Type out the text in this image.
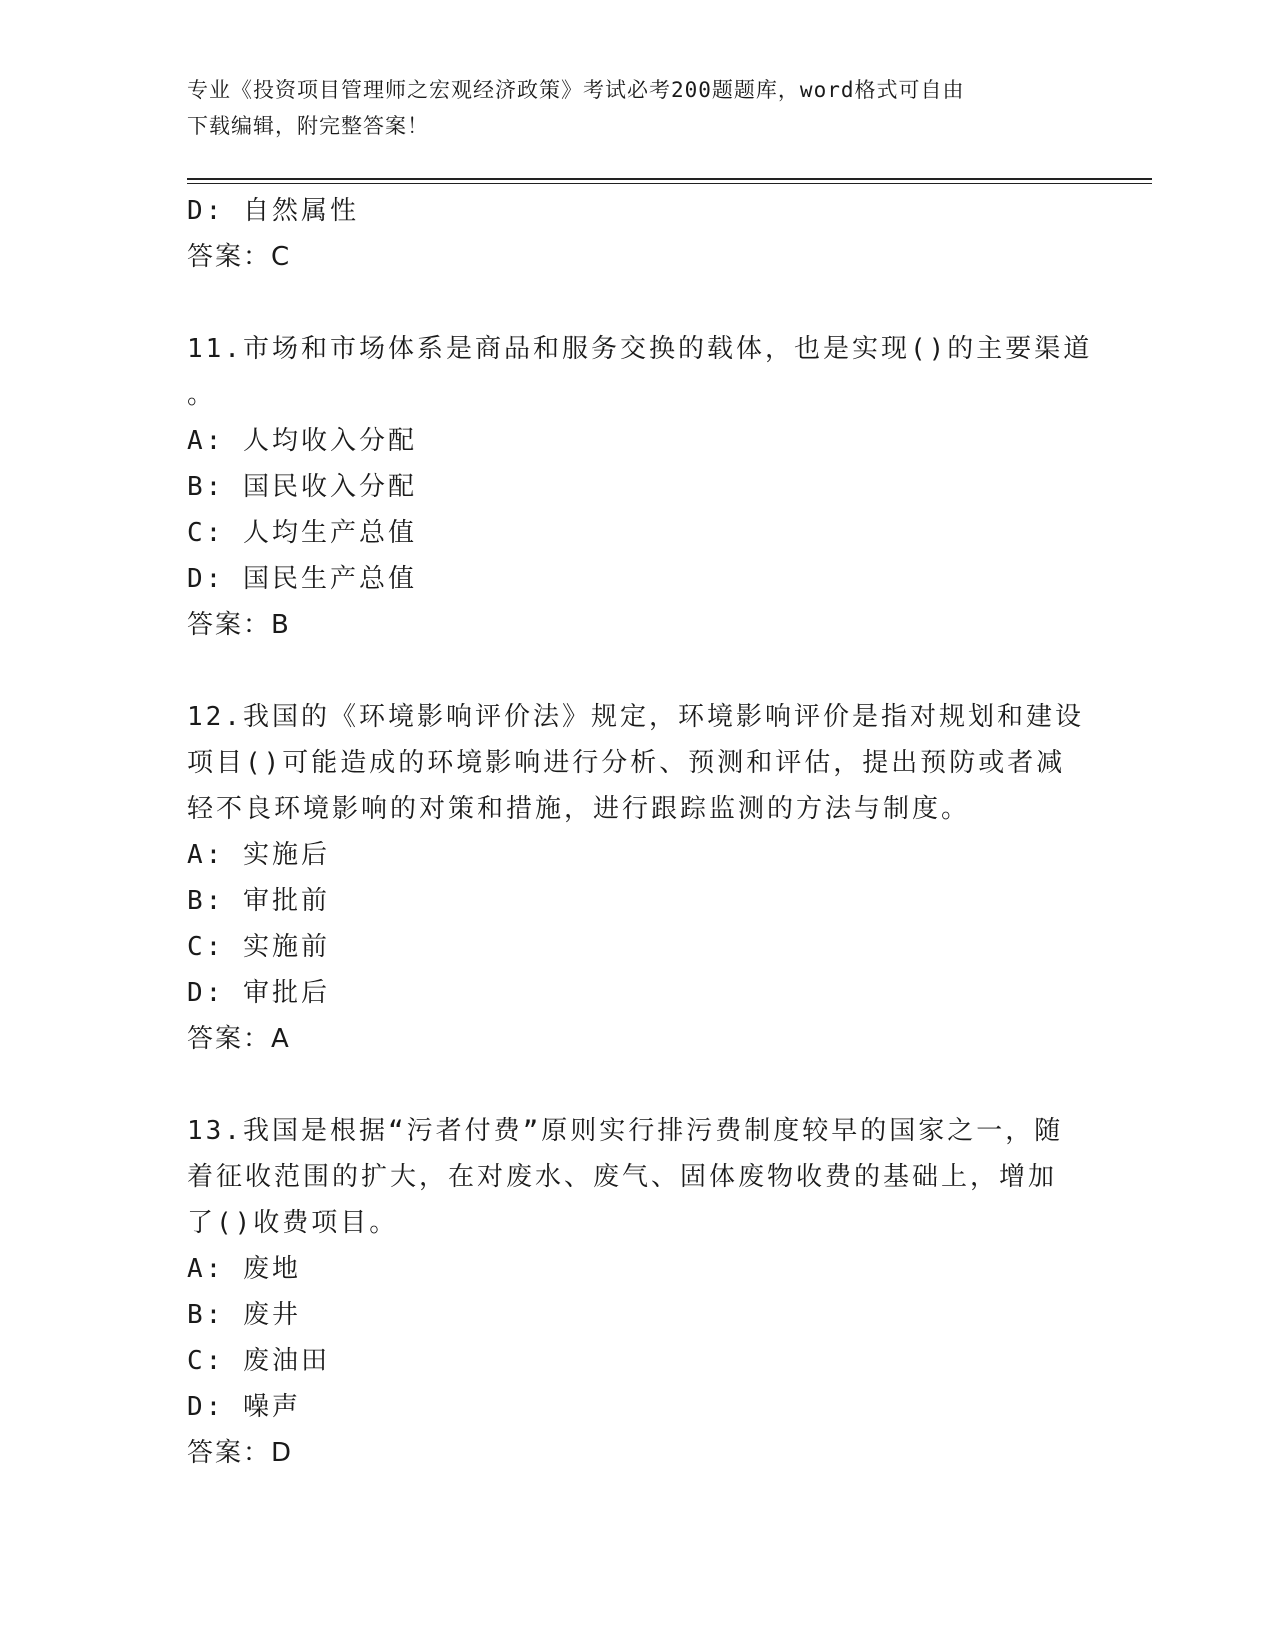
专业《投资项目管理师之宏观经济政策》考试必考200题题库，word格式可自由
下载编辑，附完整答案！
D: 自然属性
答案：C
11.市场和市场体系是商品和服务交换的载体，也是实现()的主要渠道
。
A: 人均收入分配
B: 国民收入分配
C: 人均生产总值
D: 国民生产总值
答案：B
12.我国的《环境影响评价法》规定，环境影响评价是指对规划和建设
项目()可能造成的环境影响进行分析、预测和评估，提出预防或者减
轻不良环境影响的对策和措施，进行跟踪监测的方法与制度。
A: 实施后
B: 审批前
C: 实施前
D: 审批后
答案：A
13.我国是根据“污者付费”原则实行排污费制度较早的国家之一，随
着征收范围的扩大，在对废水、废气、固体废物收费的基础上，增加
了()收费项目。
A: 废地
B: 废井
C: 废油田
D: 噪声
答案：D
